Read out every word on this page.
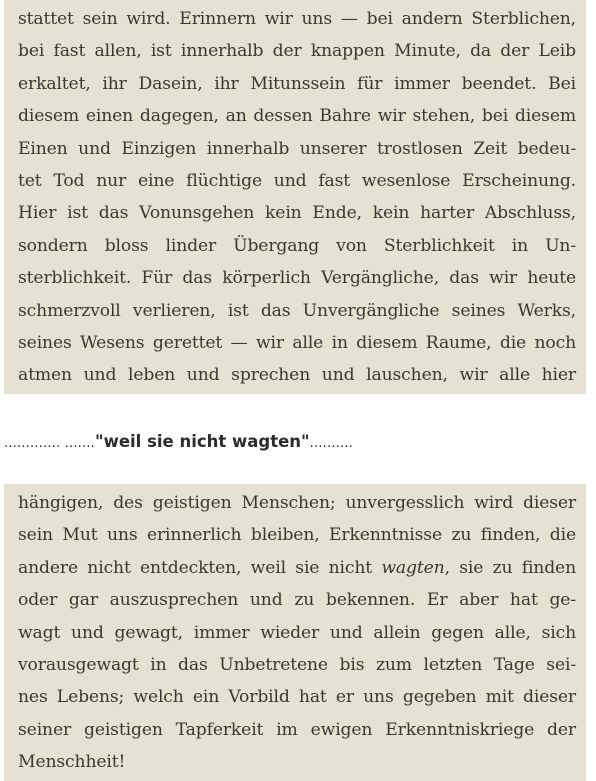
stattet sein wird. Erinnern wir uns — bei andern Sterblichen,
bei fast allen, ist innerhalb der knappen Minute, da der Leib
erkaltet, ihr Dasein, ihr Mitunssein für immer beendet. Bei
diesem einen dagegen, an dessen Bahre wir stehen, bei diesem
Einen und Einzigen innerhalb unserer trostlosen Zeit bedeu-
tet Tod nur eine flüchtige und fast wesenlose Erscheinung.
Hier ist das Vonunsgehen kein Ende, kein harter Abschluss,
sondern bloss linder Übergang von Sterblichkeit in Un-
sterblichkeit. Für das körperlich Vergängliche, das wir heute
schmerzvoll verlieren, ist das Unvergängliche seines Werks,
seines Wesens gerettet — wir alle in diesem Raume, die noch
atmen und leben und sprechen und lauschen, wir alle hier
............. ......."weil sie nicht wagten"..........
hängigen, des geistigen Menschen; unvergesslich wird dieser
sein Mut uns erinnerlich bleiben, Erkenntnisse zu finden, die
andere nicht entdeckten, weil sie nicht wagten, sie zu finden
oder gar auszusprechen und zu bekennen. Er aber hat ge-
wagt und gewagt, immer wieder und allein gegen alle, sich
vorausgewagt in das Unbetretene bis zum letzten Tage sei-
nes Lebens; welch ein Vorbild hat er uns gegeben mit dieser
seiner geistigen Tapferkeit im ewigen Erkenntniskriege der
Menschheit!
